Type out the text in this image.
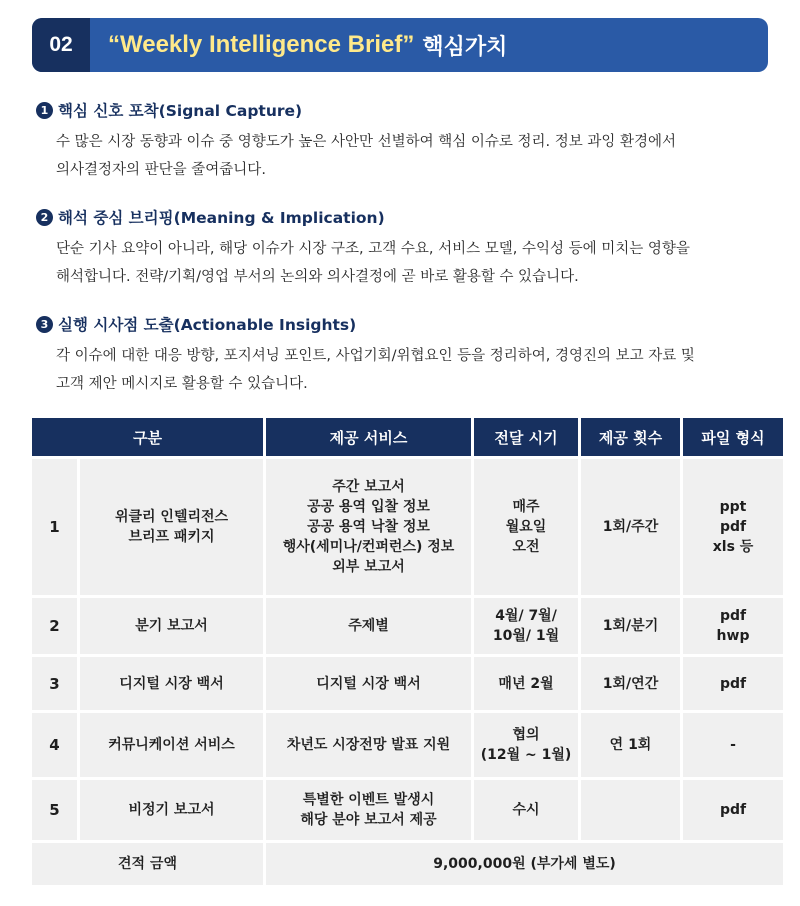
02	“Weekly Intelligence Brief” 핵심가치
1 핵심 신호 포착(Signal Capture)
수 많은 시장 동향과 이슈 중 영향도가 높은 사안만 선별하여 핵심 이슈로 정리. 정보 과잉 환경에서
의사결정자의 판단을 줄여줍니다.
2 해석 중심 브리핑(Meaning & Implication)
단순 기사 요약이 아니라, 해당 이슈가 시장 구조, 고객 수요, 서비스 모델, 수익성 등에 미치는 영향을
해석합니다. 전략/기획/영업 부서의 논의와 의사결정에 곧 바로 활용할 수 있습니다.
3 실행 시사점 도출(Actionable Insights)
각 이슈에 대한 대응 방향, 포지셔닝 포인트, 사업기회/위협요인 등을 정리하여, 경영진의 보고 자료 및
고객 제안 메시지로 활용할 수 있습니다.
구분		제공 서비스	전달 시기	제공 횟수	파일 형식
1	위클리 인텔리전스
브리프 패키지	주간 보고서
공공 용역 입찰 정보
공공 용역 낙찰 정보
행사(세미나/컨퍼런스) 정보
외부 보고서	매주
월요일
오전	1회/주간	ppt
pdf
xls 등

2	분기 보고서	주제별	4월/ 7월/
10월/ 1월	1회/분기	pdf
hwp

3	디지털 시장 백서	디지털 시장 백서	매년 2월	1회/연간	pdf
4	커뮤니케이션 서비스	차년도 시장전망 발표 지원	협의
(12월 ~ 1월)	연 1회	-
5	비정기 보고서	특별한 이벤트 발생시
해당 분야 보고서 제공	수시		pdf
견적 금액		9,000,000원 (부가세 별도)			
